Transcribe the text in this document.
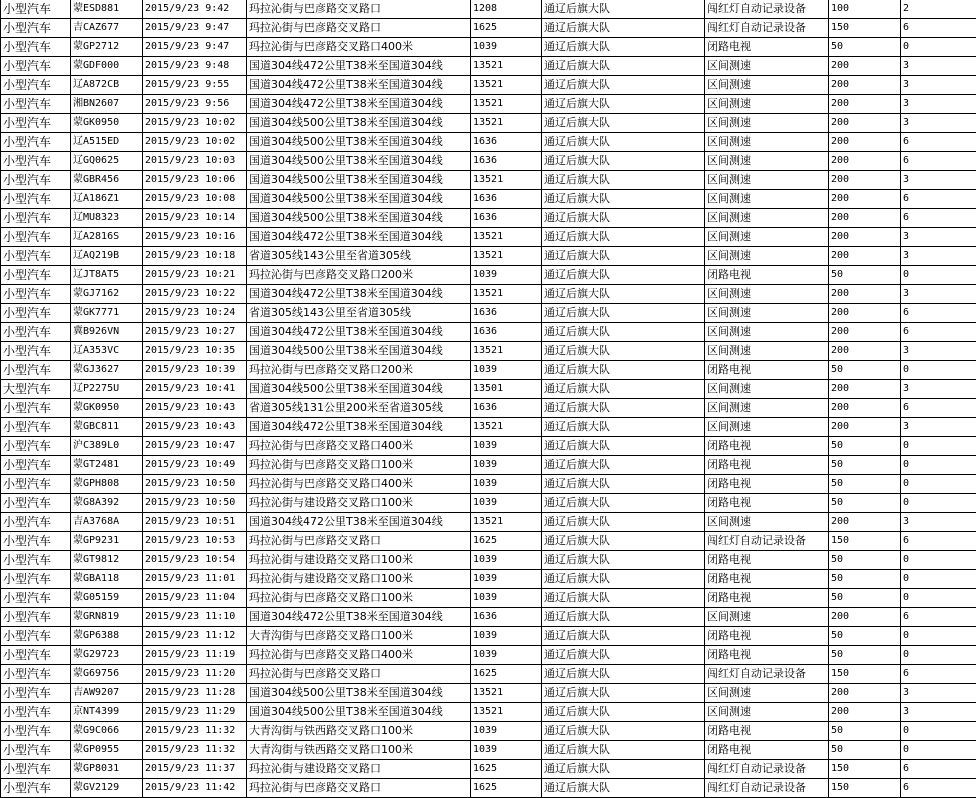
小型汽车	蒙ESD881	2015/9/23 9:42	玛拉沁街与巴彦路交叉路口	1208	通辽后旗大队	闯红灯自动记录设备	100	2
小型汽车	吉CAZ677	2015/9/23 9:47	玛拉沁街与巴彦路交叉路口	1625	通辽后旗大队	闯红灯自动记录设备	150	6
小型汽车	蒙GP2712	2015/9/23 9:47	玛拉沁街与巴彦路交叉路口400米	1039	通辽后旗大队	闭路电视	50	0
小型汽车	蒙GDF000	2015/9/23 9:48	国道304线472公里T38米至国道304线	13521	通辽后旗大队	区间测速	200	3
小型汽车	辽A872CB	2015/9/23 9:55	国道304线472公里T38米至国道304线	13521	通辽后旗大队	区间测速	200	3
小型汽车	湘BN2607	2015/9/23 9:56	国道304线472公里T38米至国道304线	13521	通辽后旗大队	区间测速	200	3
小型汽车	蒙GK0950	2015/9/23 10:02	国道304线500公里T38米至国道304线	13521	通辽后旗大队	区间测速	200	3
小型汽车	辽A515ED	2015/9/23 10:02	国道304线500公里T38米至国道304线	1636	通辽后旗大队	区间测速	200	6
小型汽车	辽GQ0625	2015/9/23 10:03	国道304线500公里T38米至国道304线	1636	通辽后旗大队	区间测速	200	6
小型汽车	蒙GBR456	2015/9/23 10:06	国道304线500公里T38米至国道304线	13521	通辽后旗大队	区间测速	200	3
小型汽车	辽A186Z1	2015/9/23 10:08	国道304线500公里T38米至国道304线	1636	通辽后旗大队	区间测速	200	6
小型汽车	辽MU8323	2015/9/23 10:14	国道304线500公里T38米至国道304线	1636	通辽后旗大队	区间测速	200	6
小型汽车	辽A2816S	2015/9/23 10:16	国道304线472公里T38米至国道304线	13521	通辽后旗大队	区间测速	200	3
小型汽车	辽AQ219B	2015/9/23 10:18	省道305线143公里至省道305线	13521	通辽后旗大队	区间测速	200	3
小型汽车	辽JT8AT5	2015/9/23 10:21	玛拉沁街与巴彦路交叉路口200米	1039	通辽后旗大队	闭路电视	50	0
小型汽车	蒙GJ7162	2015/9/23 10:22	国道304线472公里T38米至国道304线	13521	通辽后旗大队	区间测速	200	3
小型汽车	蒙GK7771	2015/9/23 10:24	省道305线143公里至省道305线	1636	通辽后旗大队	区间测速	200	6
小型汽车	冀B926VN	2015/9/23 10:27	国道304线472公里T38米至国道304线	1636	通辽后旗大队	区间测速	200	6
小型汽车	辽A353VC	2015/9/23 10:35	国道304线500公里T38米至国道304线	13521	通辽后旗大队	区间测速	200	3
小型汽车	蒙GJ3627	2015/9/23 10:39	玛拉沁街与巴彦路交叉路口200米	1039	通辽后旗大队	闭路电视	50	0
大型汽车	辽P2275U	2015/9/23 10:41	国道304线500公里T38米至国道304线	13501	通辽后旗大队	区间测速	200	3
小型汽车	蒙GK0950	2015/9/23 10:43	省道305线131公里200米至省道305线	1636	通辽后旗大队	区间测速	200	6
小型汽车	蒙GBC811	2015/9/23 10:43	国道304线472公里T38米至国道304线	13521	通辽后旗大队	区间测速	200	3
小型汽车	沪C389L0	2015/9/23 10:47	玛拉沁街与巴彦路交叉路口400米	1039	通辽后旗大队	闭路电视	50	0
小型汽车	蒙GT2481	2015/9/23 10:49	玛拉沁街与巴彦路交叉路口100米	1039	通辽后旗大队	闭路电视	50	0
小型汽车	蒙GPH808	2015/9/23 10:50	玛拉沁街与巴彦路交叉路口400米	1039	通辽后旗大队	闭路电视	50	0
小型汽车	蒙G8A392	2015/9/23 10:50	玛拉沁街与建设路交叉路口100米	1039	通辽后旗大队	闭路电视	50	0
小型汽车	吉A3768A	2015/9/23 10:51	国道304线472公里T38米至国道304线	13521	通辽后旗大队	区间测速	200	3
小型汽车	蒙GP9231	2015/9/23 10:53	玛拉沁街与巴彦路交叉路口	1625	通辽后旗大队	闯红灯自动记录设备	150	6
小型汽车	蒙GT9812	2015/9/23 10:54	玛拉沁街与建设路交叉路口100米	1039	通辽后旗大队	闭路电视	50	0
小型汽车	蒙GBA118	2015/9/23 11:01	玛拉沁街与建设路交叉路口100米	1039	通辽后旗大队	闭路电视	50	0
小型汽车	蒙G05159	2015/9/23 11:04	玛拉沁街与巴彦路交叉路口100米	1039	通辽后旗大队	闭路电视	50	0
小型汽车	蒙GRN819	2015/9/23 11:10	国道304线472公里T38米至国道304线	1636	通辽后旗大队	区间测速	200	6
小型汽车	蒙GP6388	2015/9/23 11:12	大青沟街与巴彦路交叉路口100米	1039	通辽后旗大队	闭路电视	50	0
小型汽车	蒙G29723	2015/9/23 11:19	玛拉沁街与巴彦路交叉路口400米	1039	通辽后旗大队	闭路电视	50	0
小型汽车	蒙G69756	2015/9/23 11:20	玛拉沁街与巴彦路交叉路口	1625	通辽后旗大队	闯红灯自动记录设备	150	6
小型汽车	吉AW9207	2015/9/23 11:28	国道304线500公里T38米至国道304线	13521	通辽后旗大队	区间测速	200	3
小型汽车	京NT4399	2015/9/23 11:29	国道304线500公里T38米至国道304线	13521	通辽后旗大队	区间测速	200	3
小型汽车	蒙G9C066	2015/9/23 11:32	大青沟街与铁西路交叉路口100米	1039	通辽后旗大队	闭路电视	50	0
小型汽车	蒙GP0955	2015/9/23 11:32	大青沟街与铁西路交叉路口100米	1039	通辽后旗大队	闭路电视	50	0
小型汽车	蒙GP8031	2015/9/23 11:37	玛拉沁街与建设路交叉路口	1625	通辽后旗大队	闯红灯自动记录设备	150	6
小型汽车	蒙GV2129	2015/9/23 11:42	玛拉沁街与巴彦路交叉路口	1625	通辽后旗大队	闯红灯自动记录设备	150	6
